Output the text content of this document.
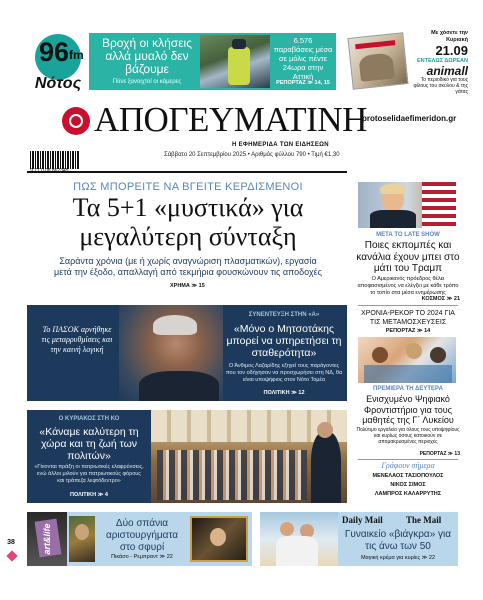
96 fm
Νότος
Βροχή οι κλήσεις αλλά μυαλό δεν βάζουμε
Πάνε ξανοιχτοί οι κάμερες
6.576 παραβάσεις μέσα σε μόλις πέντε 24ωρα στην Αττική
ΡΕΠΟΡΤΑΖ ≫ 14, 15
Με χόσετε την Κυριακή
21.09
ΕΝΤΕΛΩΣ ΔΩΡΕΑΝ
animall
Το περιοδικό για τους φίλους του σκύλου & της γάτας
ΑΠΟΓΕΥΜΑΤΙΝΗ
protoselidaefimeridon.gr
Η ΕΦΗΜΕΡΙΔΑ ΤΩΝ ΕΙΔΗΣΕΩΝ
Σάββατο 20 Σεπτεμβρίου 2025 • Αριθμός φύλλου 790 • Τιμή €1,30
ΠΩΣ ΜΠΟΡΕΙΤΕ ΝΑ ΒΓΕΙΤΕ ΚΕΡΔΙΣΜΕΝΟΙ
Τα 5+1 «μυστικά» για
μεγαλύτερη σύνταξη
Σαράντα χρόνια (με ή χωρίς αναγνώριση πλασματικών), εργασία
μετά την έξοδο, απαλλαγή από τεκμήρια φουσκώνουν τις αποδοχές
ΧΡΗΜΑ ≫ 15
Το ΠΑΣΟΚ αρνήθηκε τις μεταρρυθμίσεις και την καινή λογική
ΣΥΝΕΝΤΕΥΞΗ ΣΤΗΝ «Α»
«Μόνο ο Μητσοτάκης μπορεί να υπηρετήσει τη σταθερότητα»
Ο Άνθιμος Λαζαρίδης εξηγεί τους παράγοντες που τον οδήγησαν να προσχωρήσει στη ΝΔ, θα είναι υποψήφιος στον Νότο Τομέα
ΠΟΛΙΤΙΚΗ ≫ 12
Ο ΚΥΡΙΑΚΟΣ ΣΤΗ ΚΟ
«Κάναμε καλύτερη τη χώρα και τη ζωή των πολιτών»
«Γίνονται πράξη οι πατριωτικές ελαφρύνσεις, ενώ άλλοι μιλούν για πατριωτικούς φόρους και τράπεζα λεφτόδεντρο»
ΠΟΛΙΤΙΚΗ ≫ 4
ΜΕΤΑ ΤΟ LATE SHOW
Ποιες εκπομπές και κανάλια έχουν μπει στο μάτι του Τραμπ
Ο Αμερικανός πρόεδρος θέλει αποφασισμένος να ελέγξει με κάθε τρόπο το τοπίο στα μέσα ενημέρωσης
ΚΟΣΜΟΣ ≫ 21
ΧΡΟΝΙΑ-ΡΕΚΟΡ ΤΟ 2024 ΓΙΑ ΤΙΣ ΜΕΤΑΜΟΣΧΕΥΣΕΙΣ
ΡΕΠΟΡΤΑΖ ≫ 14
ΠΡΕΜΙΕΡΑ ΤΗ ΔΕΥΤΕΡΑ
Ενισχυμένο Ψηφιακό Φροντιστήριο για τους μαθητές της Γ΄ Λυκείου
Πολύτιμο εργαλείο για όλους τους υποψηφίους και κυρίως όσους κατοικούν σε απομακρυσμένες περιοχές
ΡΕΠΟΡΤΑΖ ≫ 13
Γράφουν σήμερα
ΜΕΝΕΛΑΟΣ ΤΑΣΙΟΠΟΥΛΟΣ
ΝΙΚΟΣ ΣΙΜΟΣ
ΛΑΜΠΡΟΣ ΚΑΛΑΡΡΥΤΗΣ
38	art&life	Δύο σπάνια αριστουργήματα στο σφυρί
Πικάσο - Ρεμπραντ ≫ 22
Daily Mail	The Mail
Γυναικείο «βιάγκρα» για τις άνω των 50
Μαγική κρέμα για κυρίες ≫ 22
